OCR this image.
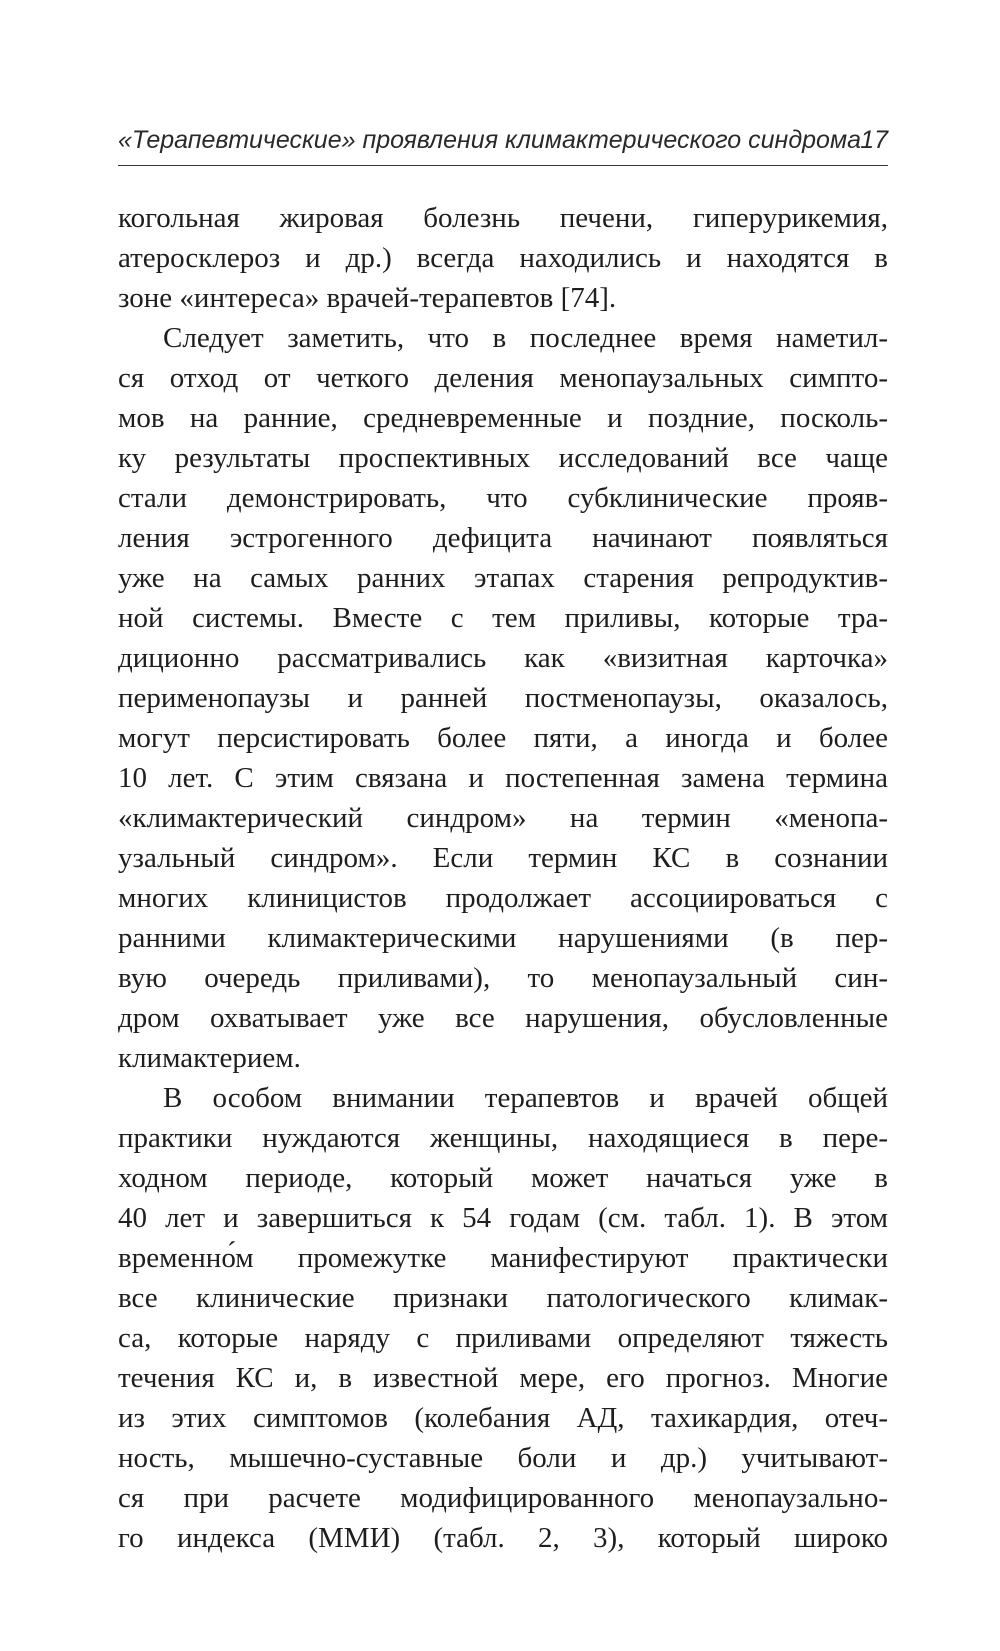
«Терапевтические» проявления климактерического синдрома 17

когольная жировая болезнь печени, гиперурикемия,
атеросклероз и др.) всегда находились и находятся в
зоне «интереса» врачей-терапевтов [74].

Следует заметить, что в последнее время наметил-
ся отход от четкого деления менопаузальных симпто-
мов на ранние, средневременные и поздние, посколь-
ку результаты проспективных исследований все чаще
стали демонстрировать, что субклинические прояв-
ления эстрогенного дефицита начинают появляться
уже на самых ранних этапах старения репродуктив-
ной системы. Вместе с тем приливы, которые тра-
диционно рассматривались как «визитная карточка»
перименопаузы и ранней постменопаузы, оказалось,
могут персистировать более пяти, а иногда и более
10 лет. С этим связана и постепенная замена термина
«климактерический синдром» на термин «менопа-
узальный синдром». Если термин КС в сознании
многих клиницистов продолжает ассоциироваться с
ранними климактерическими нарушениями (в пер-
вую очередь приливами), то менопаузальный син-
дром охватывает уже все нарушения, обусловленные
климактерием.

В особом внимании терапевтов и врачей общей
практики нуждаются женщины, находящиеся в пере-
ходном периоде, который может начаться уже в
40 лет и завершиться к 54 годам (см. табл. 1). В этом
временно́м промежутке манифестируют практически
все клинические признаки патологического климак-
са, которые наряду с приливами определяют тяжесть
течения КС и, в известной мере, его прогноз. Многие
из этих симптомов (колебания АД, тахикардия, отеч-
ность, мышечно-суставные боли и др.) учитывают-
ся при расчете модифицированного менопаузально-
го индекса (ММИ) (табл. 2, 3), который широко
